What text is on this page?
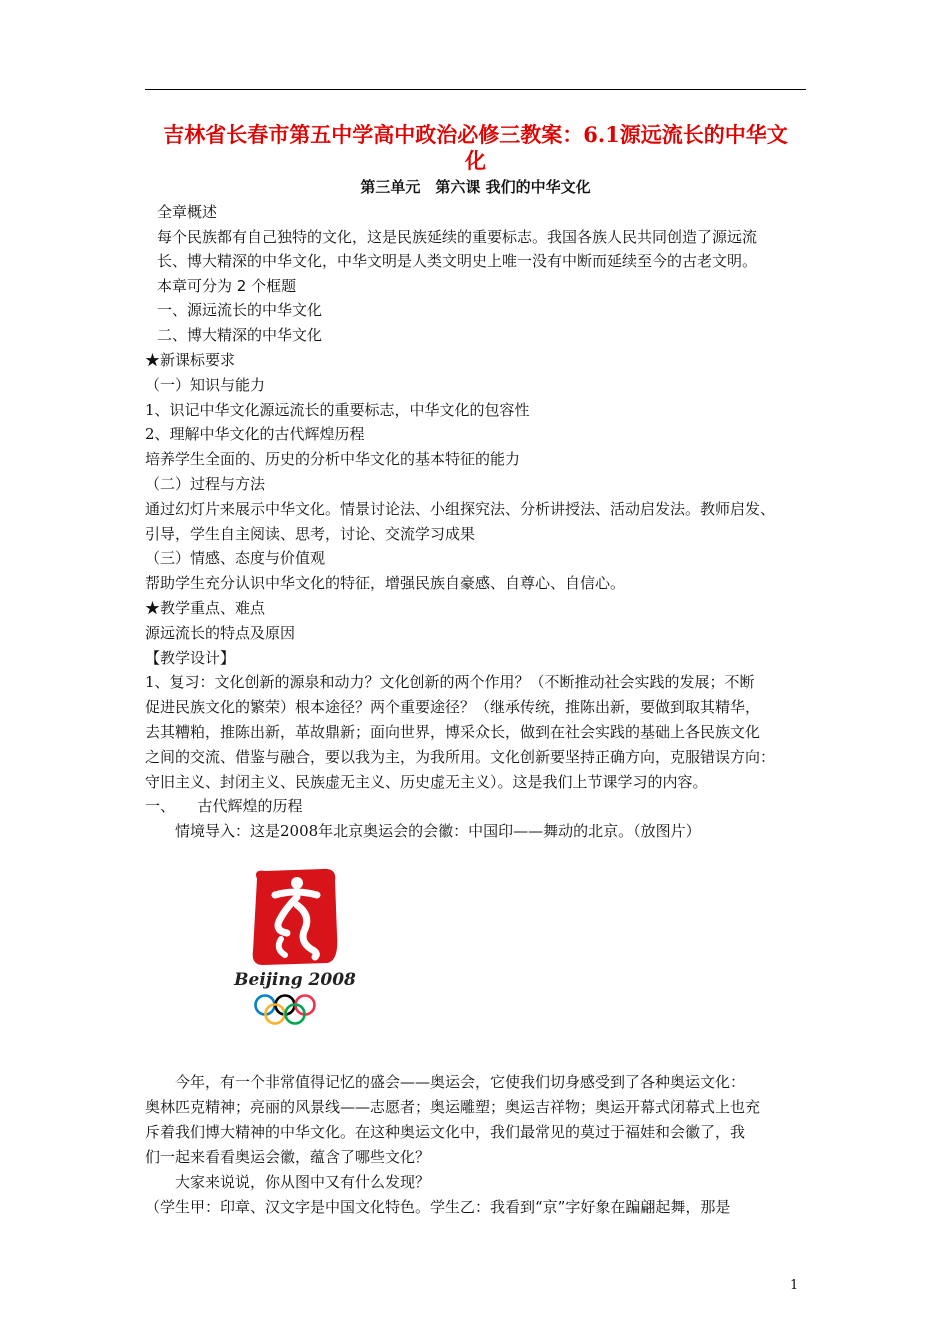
吉林省长春市第五中学高中政治必修三教案：6.1源远流长的中华文
化
第三单元　第六课 我们的中华文化
全章概述
每个民族都有自己独特的文化，这是民族延续的重要标志。我国各族人民共同创造了源远流
长、博大精深的中华文化，中华文明是人类文明史上唯一没有中断而延续至今的古老文明。
本章可分为 2 个框题
一、源远流长的中华文化
二、博大精深的中华文化
★新课标要求
（一）知识与能力
1、识记中华文化源远流长的重要标志，中华文化的包容性
2、理解中华文化的古代辉煌历程
培养学生全面的、历史的分析中华文化的基本特征的能力
（二）过程与方法
通过幻灯片来展示中华文化。情景讨论法、小组探究法、分析讲授法、活动启发法。教师启发、
引导，学生自主阅读、思考，讨论、交流学习成果
（三）情感、态度与价值观
帮助学生充分认识中华文化的特征，增强民族自豪感、自尊心、自信心。
★教学重点、难点
源远流长的特点及原因
【教学设计】
1、复习：文化创新的源泉和动力？文化创新的两个作用？（不断推动社会实践的发展；不断
促进民族文化的繁荣）根本途径？两个重要途径？（继承传统，推陈出新，要做到取其精华，
去其糟粕，推陈出新，革故鼎新；面向世界，博采众长，做到在社会实践的基础上各民族文化
之间的交流、借鉴与融合，要以我为主，为我所用。文化创新要坚持正确方向，克服错误方向：
守旧主义、封闭主义、民族虚无主义、历史虚无主义）。这是我们上节课学习的内容。
一、　　古代辉煌的历程
　　情境导入：这是2008年北京奥运会的会徽：中国印——舞动的北京。（放图片）
Beijing 2008
　　今年，有一个非常值得记忆的盛会——奥运会，它使我们切身感受到了各种奥运文化：
奥林匹克精神；亮丽的风景线——志愿者；奥运雕塑；奥运吉祥物；奥运开幕式闭幕式上也充
斥着我们博大精神的中华文化。在这种奥运文化中，我们最常见的莫过于福娃和会徽了，我
们一起来看看奥运会徽，蕴含了哪些文化？
　　大家来说说，你从图中又有什么发现？
（学生甲：印章、汉文字是中国文化特色。学生乙：我看到“京”字好象在蹁翩起舞，那是
1
